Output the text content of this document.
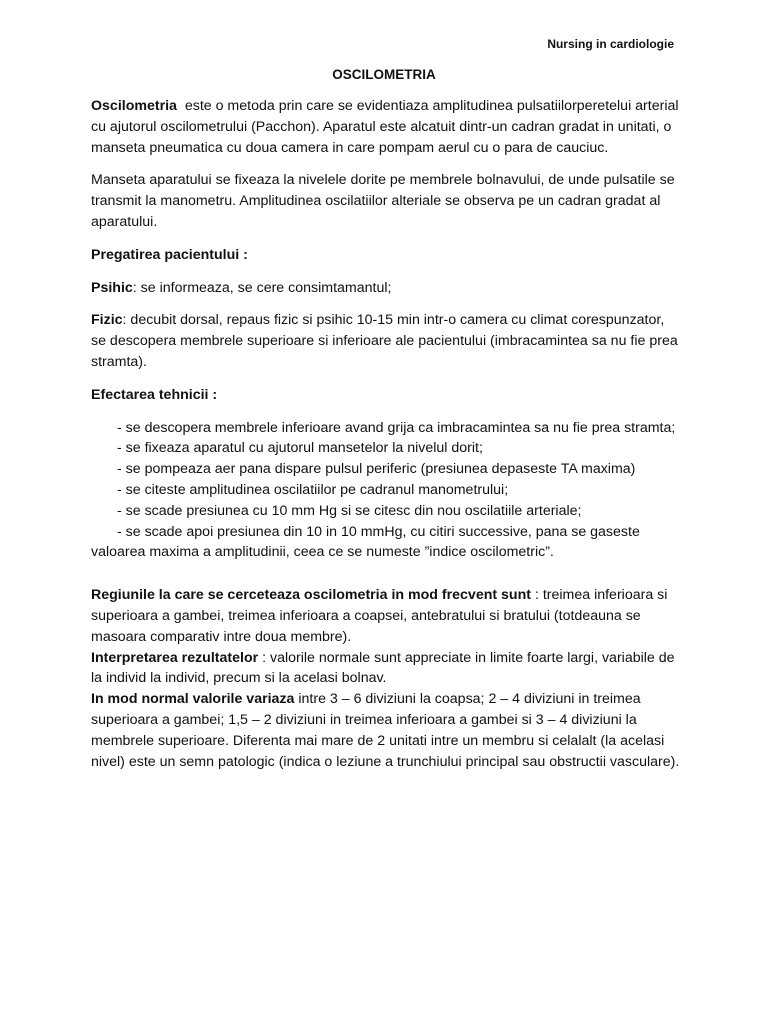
Nursing in cardiologie
OSCILOMETRIA

Oscilometria  este o metoda prin care se evidentiaza amplitudinea pulsatiilorperetelui arterial cu ajutorul oscilometrului (Pacchon). Aparatul este alcatuit dintr-un cadran gradat in unitati, o manseta pneumatica cu doua camera in care pompam aerul cu o para de cauciuc.

Manseta aparatului se fixeaza la nivelele dorite pe membrele bolnavului, de unde pulsatile se transmit la manometru. Amplitudinea oscilatiilor alteriale se observa pe un cadran gradat al aparatului.

Pregatirea pacientului :

Psihic: se informeaza, se cere consimtamantul;

Fizic: decubit dorsal, repaus fizic si psihic 10-15 min intr-o camera cu climat corespunzator, se descopera membrele superioare si inferioare ale pacientului (imbracamintea sa nu fie prea stramta).

Efectarea tehnicii :

- se descopera membrele inferioare avand grija ca imbracamintea sa nu fie prea stramta;

- se fixeaza aparatul cu ajutorul mansetelor la nivelul dorit;

- se pompeaza aer pana dispare pulsul periferic (presiunea depaseste TA maxima)

- se citeste amplitudinea oscilatiilor pe cadranul manometrului;

- se scade presiunea cu 10 mm Hg si se citesc din nou oscilatiile arteriale;

- se scade apoi presiunea din 10 in 10 mmHg, cu citiri successive, pana se gaseste valoarea maxima a amplitudinii, ceea ce se numeste ”indice oscilometric”.

Regiunile la care se cerceteaza oscilometria in mod frecvent sunt : treimea inferioara si superioara a gambei, treimea inferioara a coapsei, antebratului si bratului (totdeauna se masoara comparativ intre doua membre).

Interpretarea rezultatelor : valorile normale sunt appreciate in limite foarte largi, variabile de la individ la individ, precum si la acelasi bolnav.

In mod normal valorile variaza intre 3 – 6 diviziuni la coapsa; 2 – 4 diviziuni in treimea superioara a gambei; 1,5 – 2 diviziuni in treimea inferioara a gambei si 3 – 4 diviziuni la membrele superioare. Diferenta mai mare de 2 unitati intre un membru si celalalt (la acelasi nivel) este un semn patologic (indica o leziune a trunchiului principal sau obstructii vasculare).
